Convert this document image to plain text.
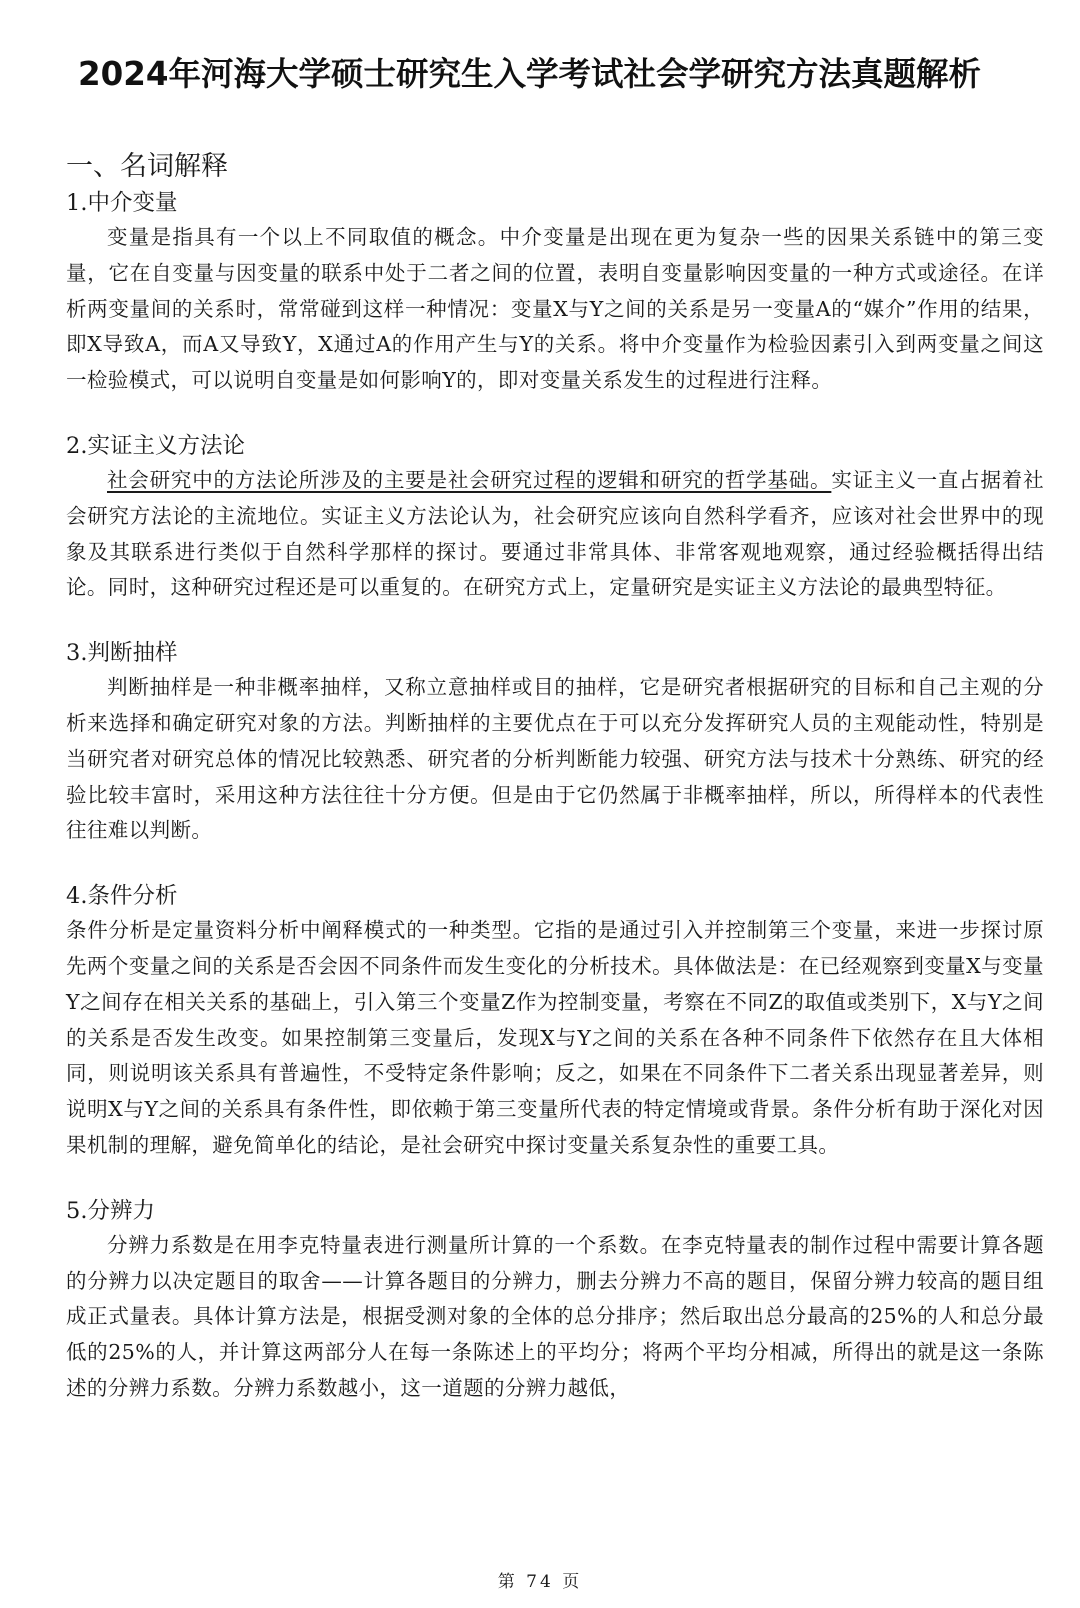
2024年河海大学硕士研究生入学考试社会学研究方法真题解析
一、名词解释
1.中介变量

变量是指具有一个以上不同取值的概念。中介变量是出现在更为复杂一些的因果关系链中的第三变量，它在自变量与因变量的联系中处于二者之间的位置，表明自变量影响因变量的一种方式或途径。在详析两变量间的关系时，常常碰到这样一种情况：变量X与Y之间的关系是另一变量A的“媒介”作用的结果，即X导致A，而A又导致Y，X通过A的作用产生与Y的关系。将中介变量作为检验因素引入到两变量之间这一检验模式，可以说明自变量是如何影响Y的，即对变量关系发生的过程进行注释。

2.实证主义方法论

社会研究中的方法论所涉及的主要是社会研究过程的逻辑和研究的哲学基础。实证主义一直占据着社会研究方法论的主流地位。实证主义方法论认为，社会研究应该向自然科学看齐，应该对社会世界中的现象及其联系进行类似于自然科学那样的探讨。要通过非常具体、非常客观地观察，通过经验概括得出结论。同时，这种研究过程还是可以重复的。在研究方式上，定量研究是实证主义方法论的最典型特征。

3.判断抽样

判断抽样是一种非概率抽样，又称立意抽样或目的抽样，它是研究者根据研究的目标和自己主观的分析来选择和确定研究对象的方法。判断抽样的主要优点在于可以充分发挥研究人员的主观能动性，特别是当研究者对研究总体的情况比较熟悉、研究者的分析判断能力较强、研究方法与技术十分熟练、研究的经验比较丰富时，采用这种方法往往十分方便。但是由于它仍然属于非概率抽样，所以，所得样本的代表性往往难以判断。

4.条件分析

条件分析是定量资料分析中阐释模式的一种类型。它指的是通过引入并控制第三个变量，来进一步探讨原先两个变量之间的关系是否会因不同条件而发生变化的分析技术。具体做法是：在已经观察到变量X与变量Y之间存在相关关系的基础上，引入第三个变量Z作为控制变量，考察在不同Z的取值或类别下，X与Y之间的关系是否发生改变。如果控制第三变量后，发现X与Y之间的关系在各种不同条件下依然存在且大体相同，则说明该关系具有普遍性，不受特定条件影响；反之，如果在不同条件下二者关系出现显著差异，则说明X与Y之间的关系具有条件性，即依赖于第三变量所代表的特定情境或背景。条件分析有助于深化对因果机制的理解，避免简单化的结论，是社会研究中探讨变量关系复杂性的重要工具。

5.分辨力

分辨力系数是在用李克特量表进行测量所计算的一个系数。在李克特量表的制作过程中需要计算各题的分辨力以决定题目的取舍——计算各题目的分辨力，删去分辨力不高的题目，保留分辨力较高的题目组成正式量表。具体计算方法是，根据受测对象的全体的总分排序；然后取出总分最高的25%的人和总分最低的25%的人，并计算这两部分人在每一条陈述上的平均分；将两个平均分相减，所得出的就是这一条陈述的分辨力系数。分辨力系数越小，这一道题的分辨力越低，

第 74 页
